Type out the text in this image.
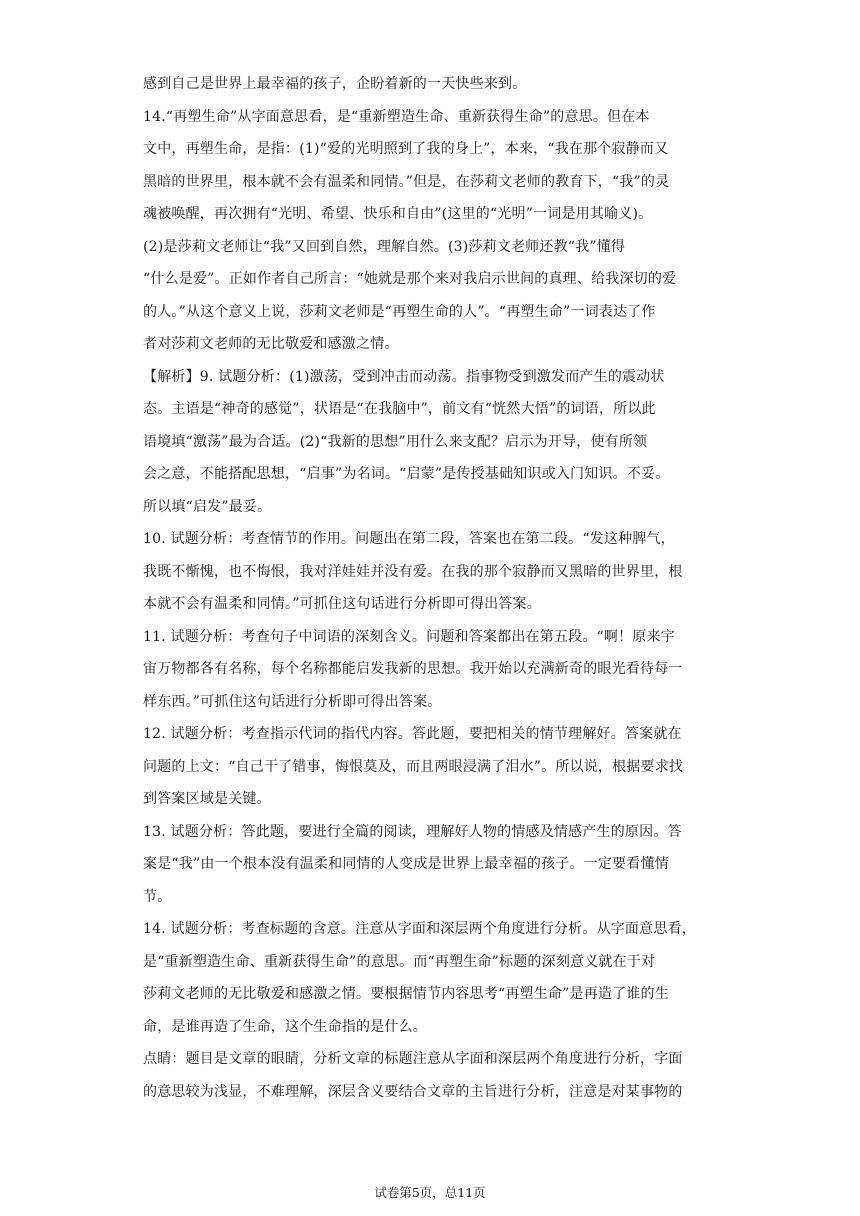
感到自己是世界上最幸福的孩子，企盼着新的一天快些来到。
14.“再塑生命”从字面意思看，是“重新塑造生命、重新获得生命”的意思。但在本
文中，再塑生命，是指：(1)“爱的光明照到了我的身上”，本来，“我在那个寂静而又
黑暗的世界里，根本就不会有温柔和同情。”但是，在莎莉文老师的教育下，“我”的灵
魂被唤醒，再次拥有“光明、希望、快乐和自由”(这里的“光明”一词是用其喻义)。
(2)是莎莉文老师让“我”又回到自然，理解自然。(3)莎莉文老师还教“我”懂得
“什么是爱”。正如作者自己所言：“她就是那个来对我启示世间的真理、给我深切的爱
的人。”从这个意义上说，莎莉文老师是“再塑生命的人”。“再塑生命”一词表达了作
者对莎莉文老师的无比敬爱和感激之情。
【解析】9. 试题分析：(1)激荡，受到冲击而动荡。指事物受到激发而产生的震动状
态。主语是“神奇的感觉”，状语是“在我脑中”，前文有“恍然大悟”的词语，所以此
语境填“激荡”最为合适。(2)“我新的思想”用什么来支配？启示为开导，使有所领
会之意，不能搭配思想，“启事”为名词。“启蒙”是传授基础知识或入门知识。不妥。
所以填“启发”最妥。
10. 试题分析：考查情节的作用。问题出在第二段，答案也在第二段。“发这种脾气，
我既不惭愧，也不悔恨，我对洋娃娃并没有爱。在我的那个寂静而又黑暗的世界里，根
本就不会有温柔和同情。”可抓住这句话进行分析即可得出答案。
11. 试题分析：考查句子中词语的深刻含义。问题和答案都出在第五段。“啊！原来宇
宙万物都各有名称，每个名称都能启发我新的思想。我开始以充满新奇的眼光看待每一
样东西。”可抓住这句话进行分析即可得出答案。
12. 试题分析：考查指示代词的指代内容。答此题，要把相关的情节理解好。答案就在
问题的上文：“自己干了错事，悔恨莫及，而且两眼浸满了泪水”。所以说，根据要求找
到答案区域是关键。
13. 试题分析：答此题，要进行全篇的阅读，理解好人物的情感及情感产生的原因。答
案是“我”由一个根本没有温柔和同情的人变成是世界上最幸福的孩子。一定要看懂情
节。
14. 试题分析：考查标题的含意。注意从字面和深层两个角度进行分析。从字面意思看，
是“重新塑造生命、重新获得生命”的意思。而“再塑生命”标题的深刻意义就在于对
莎莉文老师的无比敬爱和感激之情。要根据情节内容思考“再塑生命”是再造了谁的生
命，是谁再造了生命，这个生命指的是什么。
点睛：题目是文章的眼睛，分析文章的标题注意从字面和深层两个角度进行分析，字面
的意思较为浅显，不难理解，深层含义要结合文章的主旨进行分析，注意是对某事物的
试卷第5页，总11页
